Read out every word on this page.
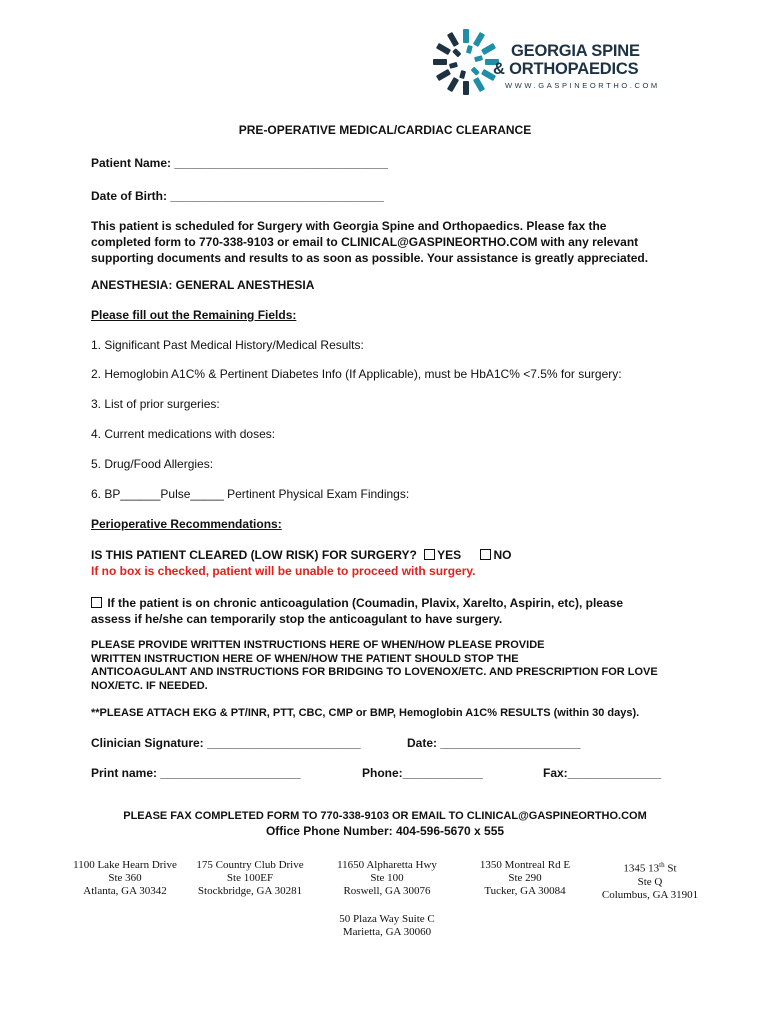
GEORGIA SPINE
& ORTHOPAEDICS
WWW.GASPINEORTHO.COM
PRE-OPERATIVE MEDICAL/CARDIAC CLEARANCE
Patient Name: ________________________________
Date of Birth: ________________________________
This patient is scheduled for Surgery with Georgia Spine and Orthopaedics. Please fax the
completed form to 770-338-9103 or email to CLINICAL@GASPINEORTHO.COM with any relevant
supporting documents and results to as soon as possible. Your assistance is greatly appreciated.
ANESTHESIA: GENERAL ANESTHESIA
Please fill out the Remaining Fields:
1. Significant Past Medical History/Medical Results:
2. Hemoglobin A1C% & Pertinent Diabetes Info (If Applicable), must be HbA1C% <7.5% for surgery:
3. List of prior surgeries:
4. Current medications with doses:
5. Drug/Food Allergies:
6. BP______Pulse_____ Pertinent Physical Exam Findings:
Perioperative Recommendations:
IS THIS PATIENT CLEARED (LOW RISK) FOR SURGERY? YES	NO
If no box is checked, patient will be unable to proceed with surgery.
If the patient is on chronic anticoagulation (Coumadin, Plavix, Xarelto, Aspirin, etc), please
assess if he/she can temporarily stop the anticoagulant to have surgery.
PLEASE PROVIDE WRITTEN INSTRUCTIONS HERE OF WHEN/HOW PLEASE PROVIDE
WRITTEN INSTRUCTION HERE OF WHEN/HOW THE PATIENT SHOULD STOP THE
ANTICOAGULANT AND INSTRUCTIONS FOR BRIDGING TO LOVENOX/ETC. AND PRESCRIPTION FOR LOVE
NOX/ETC. IF NEEDED.
**PLEASE ATTACH EKG & PT/INR, PTT, CBC, CMP or BMP, Hemoglobin A1C% RESULTS (within 30 days).
Clinician Signature: _______________________	Date: _____________________
Print name: _____________________	Phone:____________	Fax:______________
PLEASE FAX COMPLETED FORM TO 770-338-9103 OR EMAIL TO CLINICAL@GASPINEORTHO.COM
Office Phone Number: 404-596-5670 x 555
1100 Lake Hearn Drive
Ste 360
Atlanta, GA 30342
175 Country Club Drive
Ste 100EF
Stockbridge, GA 30281
11650 Alpharetta Hwy
Ste 100
Roswell, GA 30076
1350 Montreal Rd E
Ste 290
Tucker, GA 30084
1345 13th St
Ste Q
Columbus, GA 31901
50 Plaza Way Suite C
Marietta, GA 30060
